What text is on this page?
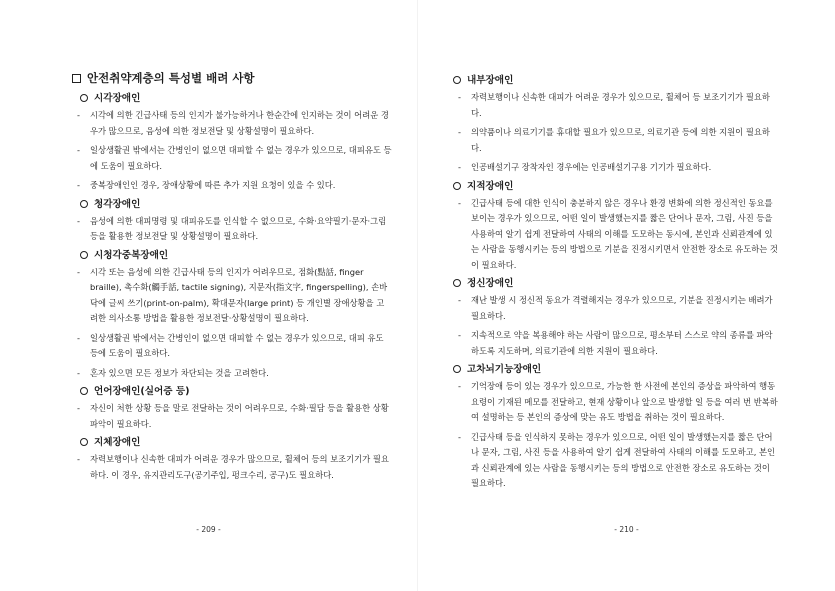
안전취약계층의 특성별 배려 사항
시각장애인
- 시각에 의한 긴급사태 등의 인지가 불가능하거나 한순간에 인지하는 것이 어려운 경우가 많으므로, 음성에 의한 정보전달 및 상황설명이 필요하다.
- 일상생활권 밖에서는 간병인이 없으면 대피할 수 없는 경우가 있으므로, 대피유도 등에 도움이 필요하다.
- 중복장애인인 경우, 장애상황에 따른 추가 지원 요청이 있을 수 있다.
청각장애인
- 음성에 의한 대피명령 및 대피유도를 인식할 수 없으므로, 수화·요약필기·문자·그림 등을 활용한 정보전달 및 상황설명이 필요하다.
시청각중복장애인
- 시각 또는 음성에 의한 긴급사태 등의 인지가 어려우므로, 점화(點話, finger braille), 촉수화(觸手話, tactile signing), 지문자(指文字, fingerspelling), 손바닥에 글씨 쓰기(print-on-palm), 확대문자(large print) 등 개인별 장애상황을 고려한 의사소통 방법을 활용한 정보전달·상황설명이 필요하다.
- 일상생활권 밖에서는 간병인이 없으면 대피할 수 없는 경우가 있으므로, 대피 유도 등에 도움이 필요하다.
- 혼자 있으면 모든 정보가 차단되는 것을 고려한다.
언어장애인(실어증 등)
- 자신이 처한 상황 등을 말로 전달하는 것이 어려우므로, 수화·필담 등을 활용한 상황 파악이 필요하다.
지체장애인
- 자력보행이나 신속한 대피가 어려운 경우가 많으므로, 휠체어 등의 보조기기가 필요하다. 이 경우, 유지관리도구(공기주입, 펑크수리, 공구)도 필요하다.
- 209 -
내부장애인
- 자력보행이나 신속한 대피가 어려운 경우가 있으므로, 휠체어 등 보조기기가 필요하다.
- 의약품이나 의료기기를 휴대할 필요가 있으므로, 의료기관 등에 의한 지원이 필요하다.
- 인공배설기구 장착자인 경우에는 인공배설기구용 기기가 필요하다.
지적장애인
- 긴급사태 등에 대한 인식이 충분하지 않은 경우나 환경 변화에 의한 정신적인 동요를 보이는 경우가 있으므로, 어떤 일이 발생했는지를 짧은 단어나 문자, 그림, 사진 등을 사용하여 알기 쉽게 전달하여 사태의 이해를 도모하는 동시에, 본인과 신뢰관계에 있는 사람을 동행시키는 등의 방법으로 기분을 진정시키면서 안전한 장소로 유도하는 것이 필요하다.
정신장애인
- 재난 발생 시 정신적 동요가 격렬해지는 경우가 있으므로, 기분을 진정시키는 배려가 필요하다.
- 지속적으로 약을 복용해야 하는 사람이 많으므로, 평소부터 스스로 약의 종류를 파악하도록 지도하며, 의료기관에 의한 지원이 필요하다.
고차뇌기능장애인
- 기억장애 등이 있는 경우가 있으므로, 가능한 한 사전에 본인의 증상을 파악하여 행동요령이 기재된 메모를 전달하고, 현재 상황이나 앞으로 발생할 일 등을 여러 번 반복하여 설명하는 등 본인의 증상에 맞는 유도 방법을 취하는 것이 필요하다.
- 긴급사태 등을 인식하지 못하는 경우가 있으므로, 어떤 일이 발생했는지를 짧은 단어나 문자, 그림, 사진 등을 사용하여 알기 쉽게 전달하여 사태의 이해를 도모하고, 본인과 신뢰관계에 있는 사람을 동행시키는 등의 방법으로 안전한 장소로 유도하는 것이 필요하다.
- 210 -
